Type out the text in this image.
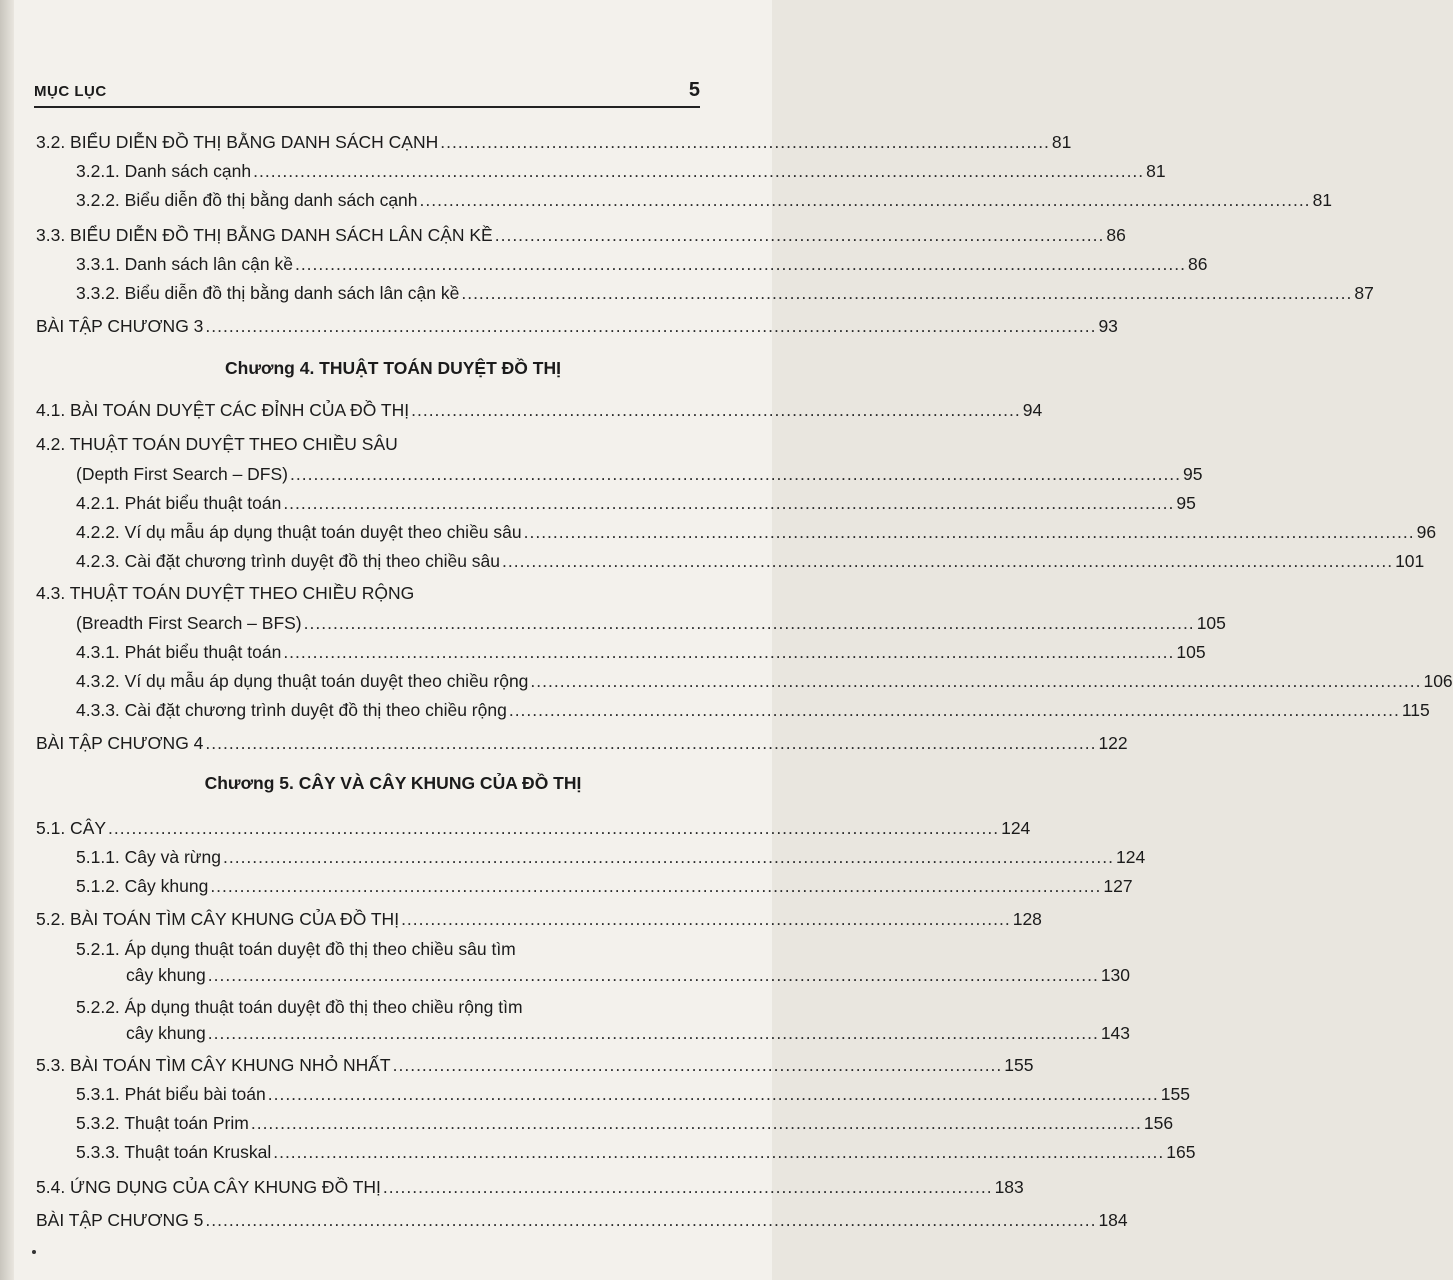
MỤC LỤC	5
3.2. BIỂU DIỄN ĐỒ THỊ BẰNG DANH SÁCH CẠNH ........................................................................................................ 81
3.2.1. Danh sách cạnh ........................................................................................................................................................ 81
3.2.2. Biểu diễn đồ thị bằng danh sách cạnh ........................................................................................................................................................ 81
3.3. BIỂU DIỄN ĐỒ THỊ BẰNG DANH SÁCH LÂN CẬN KỀ ........................................................................................................ 86
3.3.1. Danh sách lân cận kề ........................................................................................................................................................ 86
3.3.2. Biểu diễn đồ thị bằng danh sách lân cận kề ........................................................................................................................................................ 87
BÀI TẬP CHƯƠNG 3 ........................................................................................................................................................ 93
Chương 4. THUẬT TOÁN DUYỆT ĐỒ THỊ
4.1. BÀI TOÁN DUYỆT CÁC ĐỈNH CỦA ĐỒ THỊ ........................................................................................................ 94
4.2. THUẬT TOÁN DUYỆT THEO CHIỀU SÂU
(Depth First Search – DFS) ........................................................................................................................................................ 95
4.2.1. Phát biểu thuật toán ........................................................................................................................................................ 95
4.2.2. Ví dụ mẫu áp dụng thuật toán duyệt theo chiều sâu ........................................................................................................................................................ 96
4.2.3. Cài đặt chương trình duyệt đồ thị theo chiều sâu ........................................................................................................................................................ 101
4.3. THUẬT TOÁN DUYỆT THEO CHIỀU RỘNG
(Breadth First Search – BFS) ........................................................................................................................................................ 105
4.3.1. Phát biểu thuật toán ........................................................................................................................................................ 105
4.3.2. Ví dụ mẫu áp dụng thuật toán duyệt theo chiều rộng ........................................................................................................................................................ 106
4.3.3. Cài đặt chương trình duyệt đồ thị theo chiều rộng ........................................................................................................................................................ 115
BÀI TẬP CHƯƠNG 4 ........................................................................................................................................................ 122
Chương 5. CÂY VÀ CÂY KHUNG CỦA ĐỒ THỊ
5.1. CÂY ........................................................................................................................................................ 124
5.1.1. Cây và rừng ........................................................................................................................................................ 124
5.1.2. Cây khung ........................................................................................................................................................ 127
5.2. BÀI TOÁN TÌM CÂY KHUNG CỦA ĐỒ THỊ ........................................................................................................ 128
5.2.1. Áp dụng thuật toán duyệt đồ thị theo chiều sâu tìm
cây khung ........................................................................................................................................................ 130
5.2.2. Áp dụng thuật toán duyệt đồ thị theo chiều rộng tìm
cây khung ........................................................................................................................................................ 143
5.3. BÀI TOÁN TÌM CÂY KHUNG NHỎ NHẤT ........................................................................................................ 155
5.3.1. Phát biểu bài toán ........................................................................................................................................................ 155
5.3.2. Thuật toán Prim ........................................................................................................................................................ 156
5.3.3. Thuật toán Kruskal ........................................................................................................................................................ 165
5.4. ỨNG DỤNG CỦA CÂY KHUNG ĐỒ THỊ ........................................................................................................ 183
BÀI TẬP CHƯƠNG 5 ........................................................................................................................................................ 184
